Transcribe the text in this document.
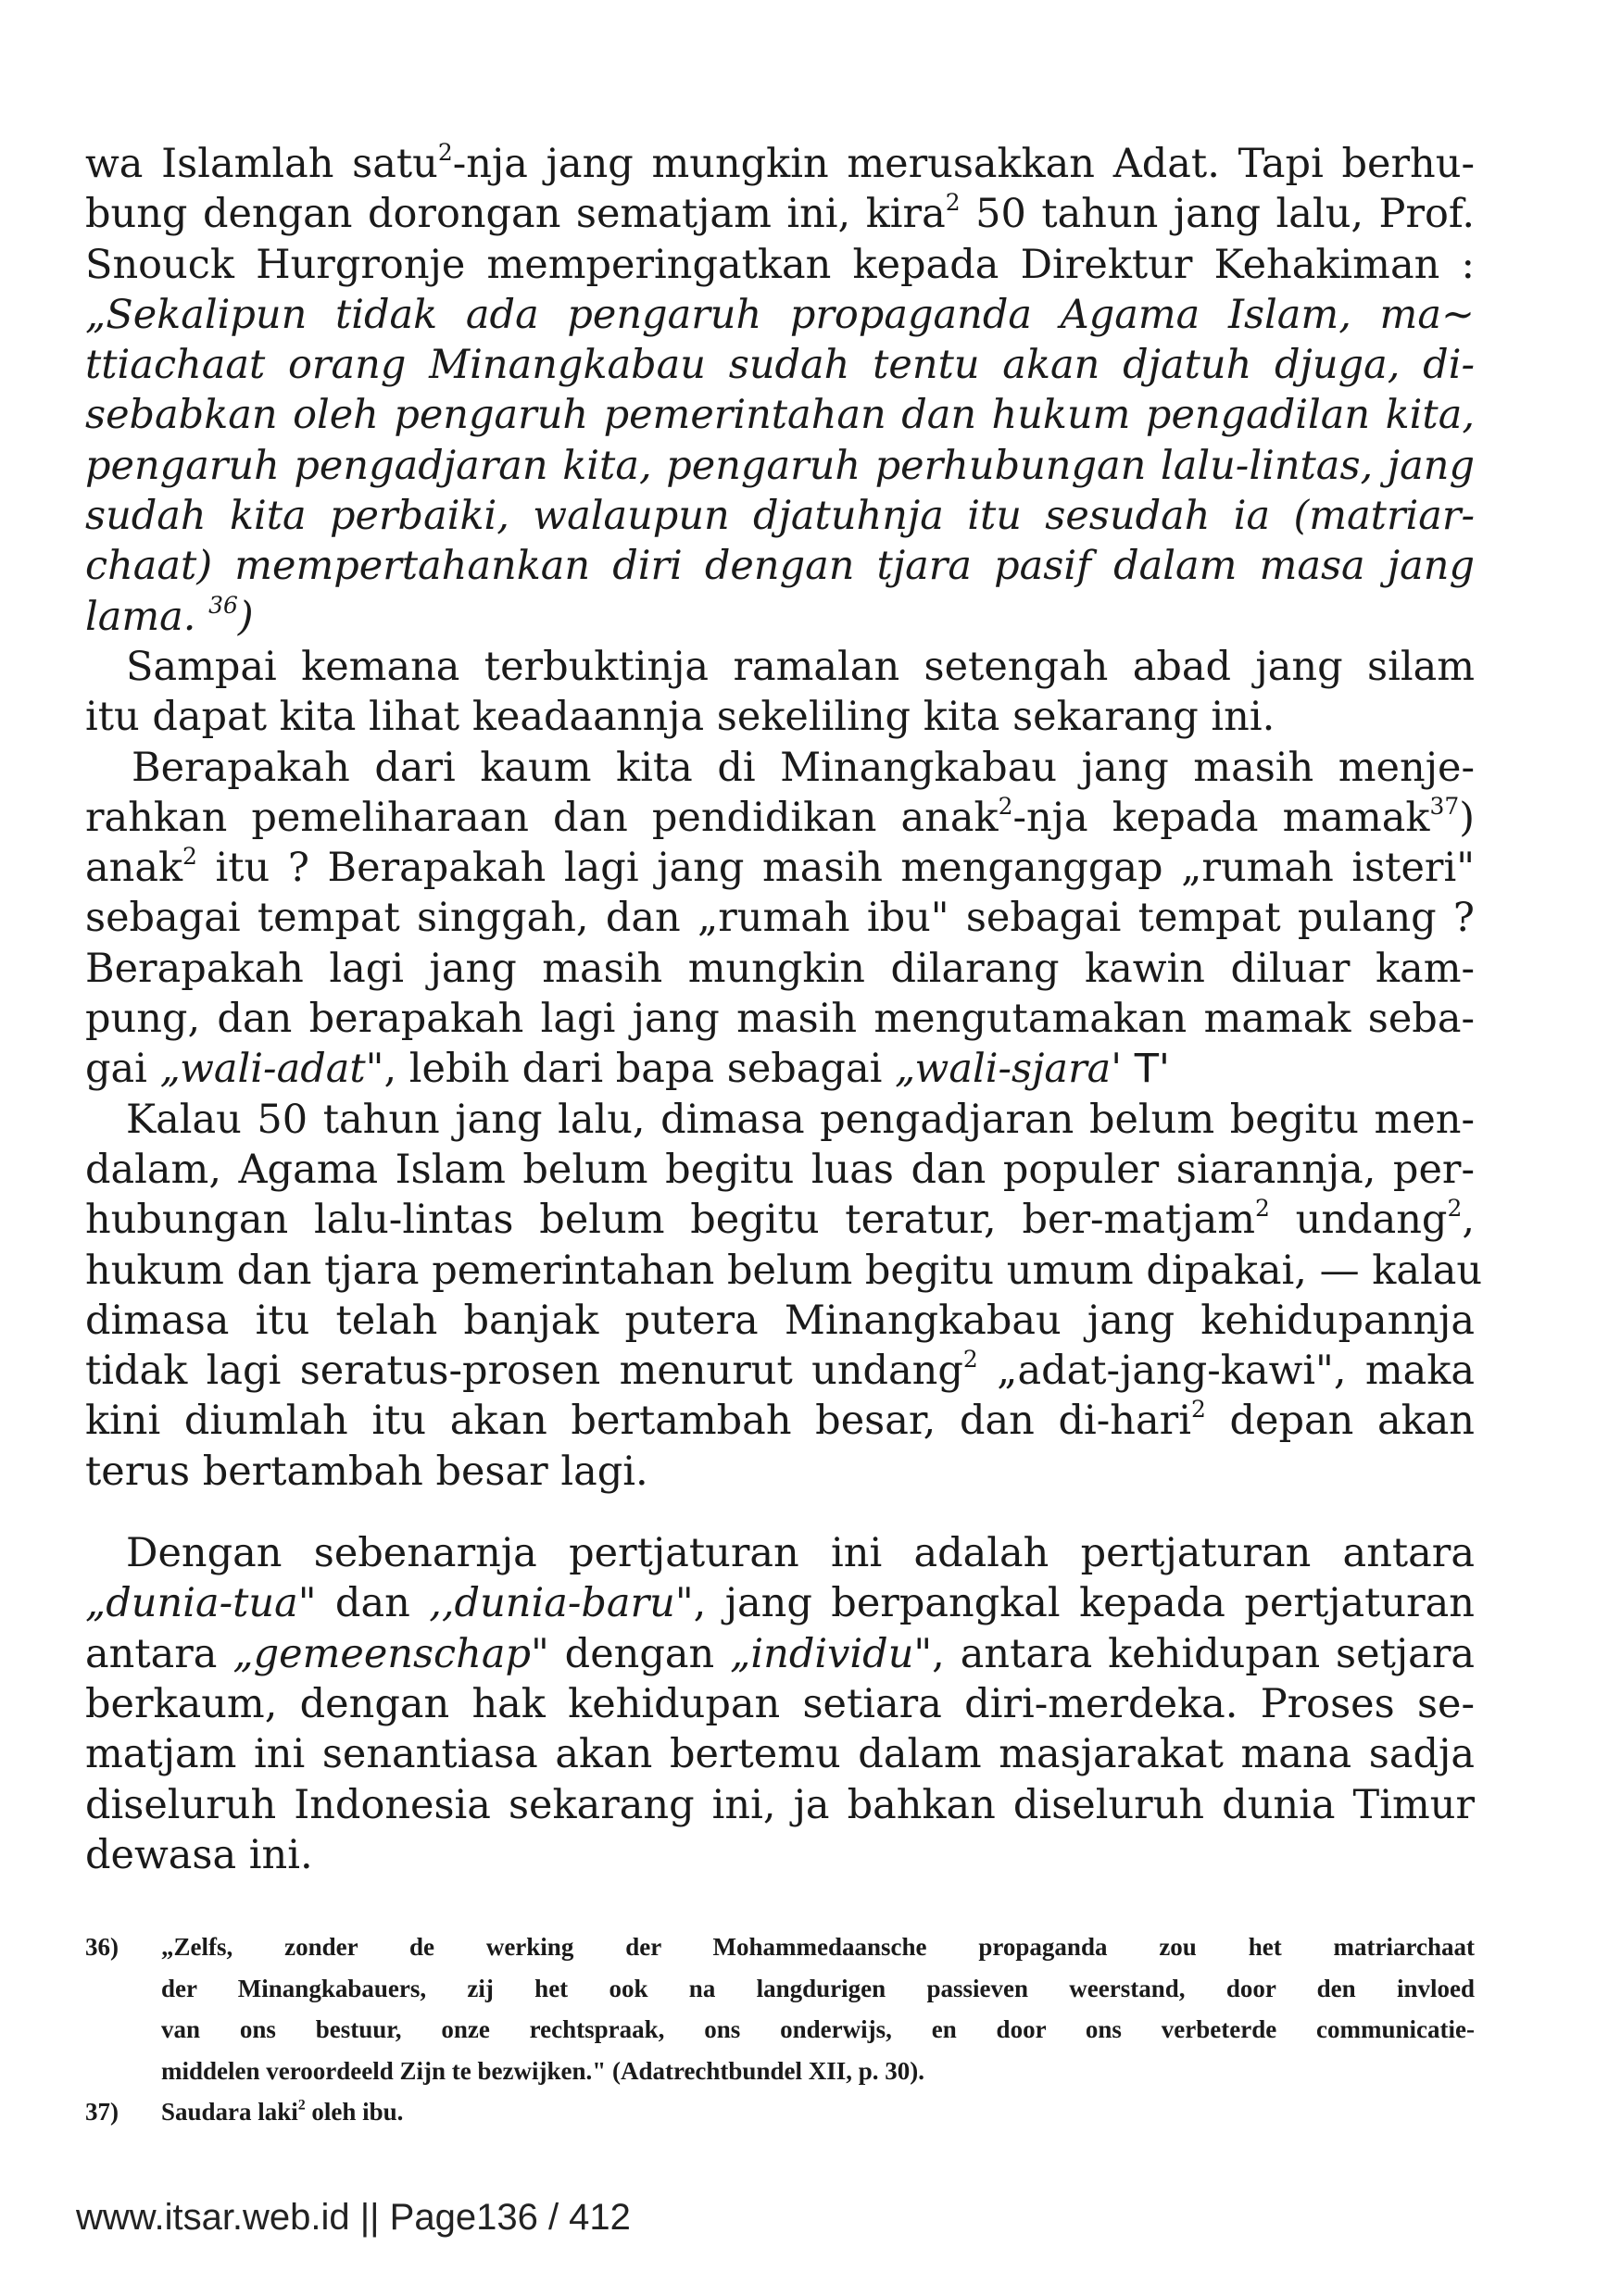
wa Islamlah satu$^2$-nja jang mungkin merusakkan Adat. Tapi berhu-
bung dengan dorongan sematjam ini, kira$^2$ 50 tahun jang lalu, Prof.
Snouck Hurgronje memperingatkan kepada Direktur Kehakiman :
„Sekalipun tidak ada pengaruh propaganda Agama Islam, ma~
ttiachaat orang Minangkabau sudah tentu akan djatuh djuga, di-
sebabkan oleh pengaruh pemerintahan dan hukum pengadilan kita,
pengaruh pengadjaran kita, pengaruh perhubungan lalu-lintas, jang
sudah kita perbaiki, walaupun djatuhnja itu sesudah ia (matriar-
chaat) mempertahankan diri dengan tjara pasif dalam masa jang
lama. $^{36}$)
Sampai kemana terbuktinja ramalan setengah abad jang silam
itu dapat kita lihat keadaannja sekeliling kita sekarang ini.
Berapakah dari kaum kita di Minangkabau jang masih menje-
rahkan pemeliharaan dan pendidikan anak$^2$-nja kepada mamak$^{37}$)
anak$^2$ itu ? Berapakah lagi jang masih menganggap „rumah isteri"
sebagai tempat singgah, dan „rumah ibu" sebagai tempat pulang ?
Berapakah lagi jang masih mungkin dilarang kawin diluar kam-
pung, dan berapakah lagi jang masih mengutamakan mamak seba-
gai „wali-adat", lebih dari bapa sebagai „wali-sjara' T'
Kalau 50 tahun jang lalu, dimasa pengadjaran belum begitu men-
dalam, Agama Islam belum begitu luas dan populer siarannja, per-
hubungan lalu-lintas belum begitu teratur, ber-matjam$^2$ undang$^2$,
hukum dan tjara pemerintahan belum begitu umum dipakai, — kalau
dimasa itu telah banjak putera Minangkabau jang kehidupannja
tidak lagi seratus-prosen menurut undang$^2$ „adat-jang-kawi", maka
kini diumlah itu akan bertambah besar, dan di-hari$^2$ depan akan
terus bertambah besar lagi.
Dengan sebenarnja pertjaturan ini adalah pertjaturan antara
„dunia-tua" dan ,,dunia-baru", jang berpangkal kepada pertjaturan
antara „gemeenschap" dengan „individu", antara kehidupan setjara
berkaum, dengan hak kehidupan setiara diri-merdeka. Proses se-
matjam ini senantiasa akan bertemu dalam masjarakat mana sadja
diseluruh Indonesia sekarang ini, ja bahkan diseluruh dunia Timur
dewasa ini.
36)	„Zelfs, zonder de werking der Mohammedaansche propaganda zou het matriarchaat
der Minangkabauers, zij het ook na langdurigen passieven weerstand, door den invloed
van ons bestuur, onze rechtspraak, ons onderwijs, en door ons verbeterde communicatie-
middelen veroordeeld Zijn te bezwijken." (Adatrechtbundel XII, p. 30).
37)	Saudara laki$^2$ oleh ibu.
www.itsar.web.id || Page136 / 412
